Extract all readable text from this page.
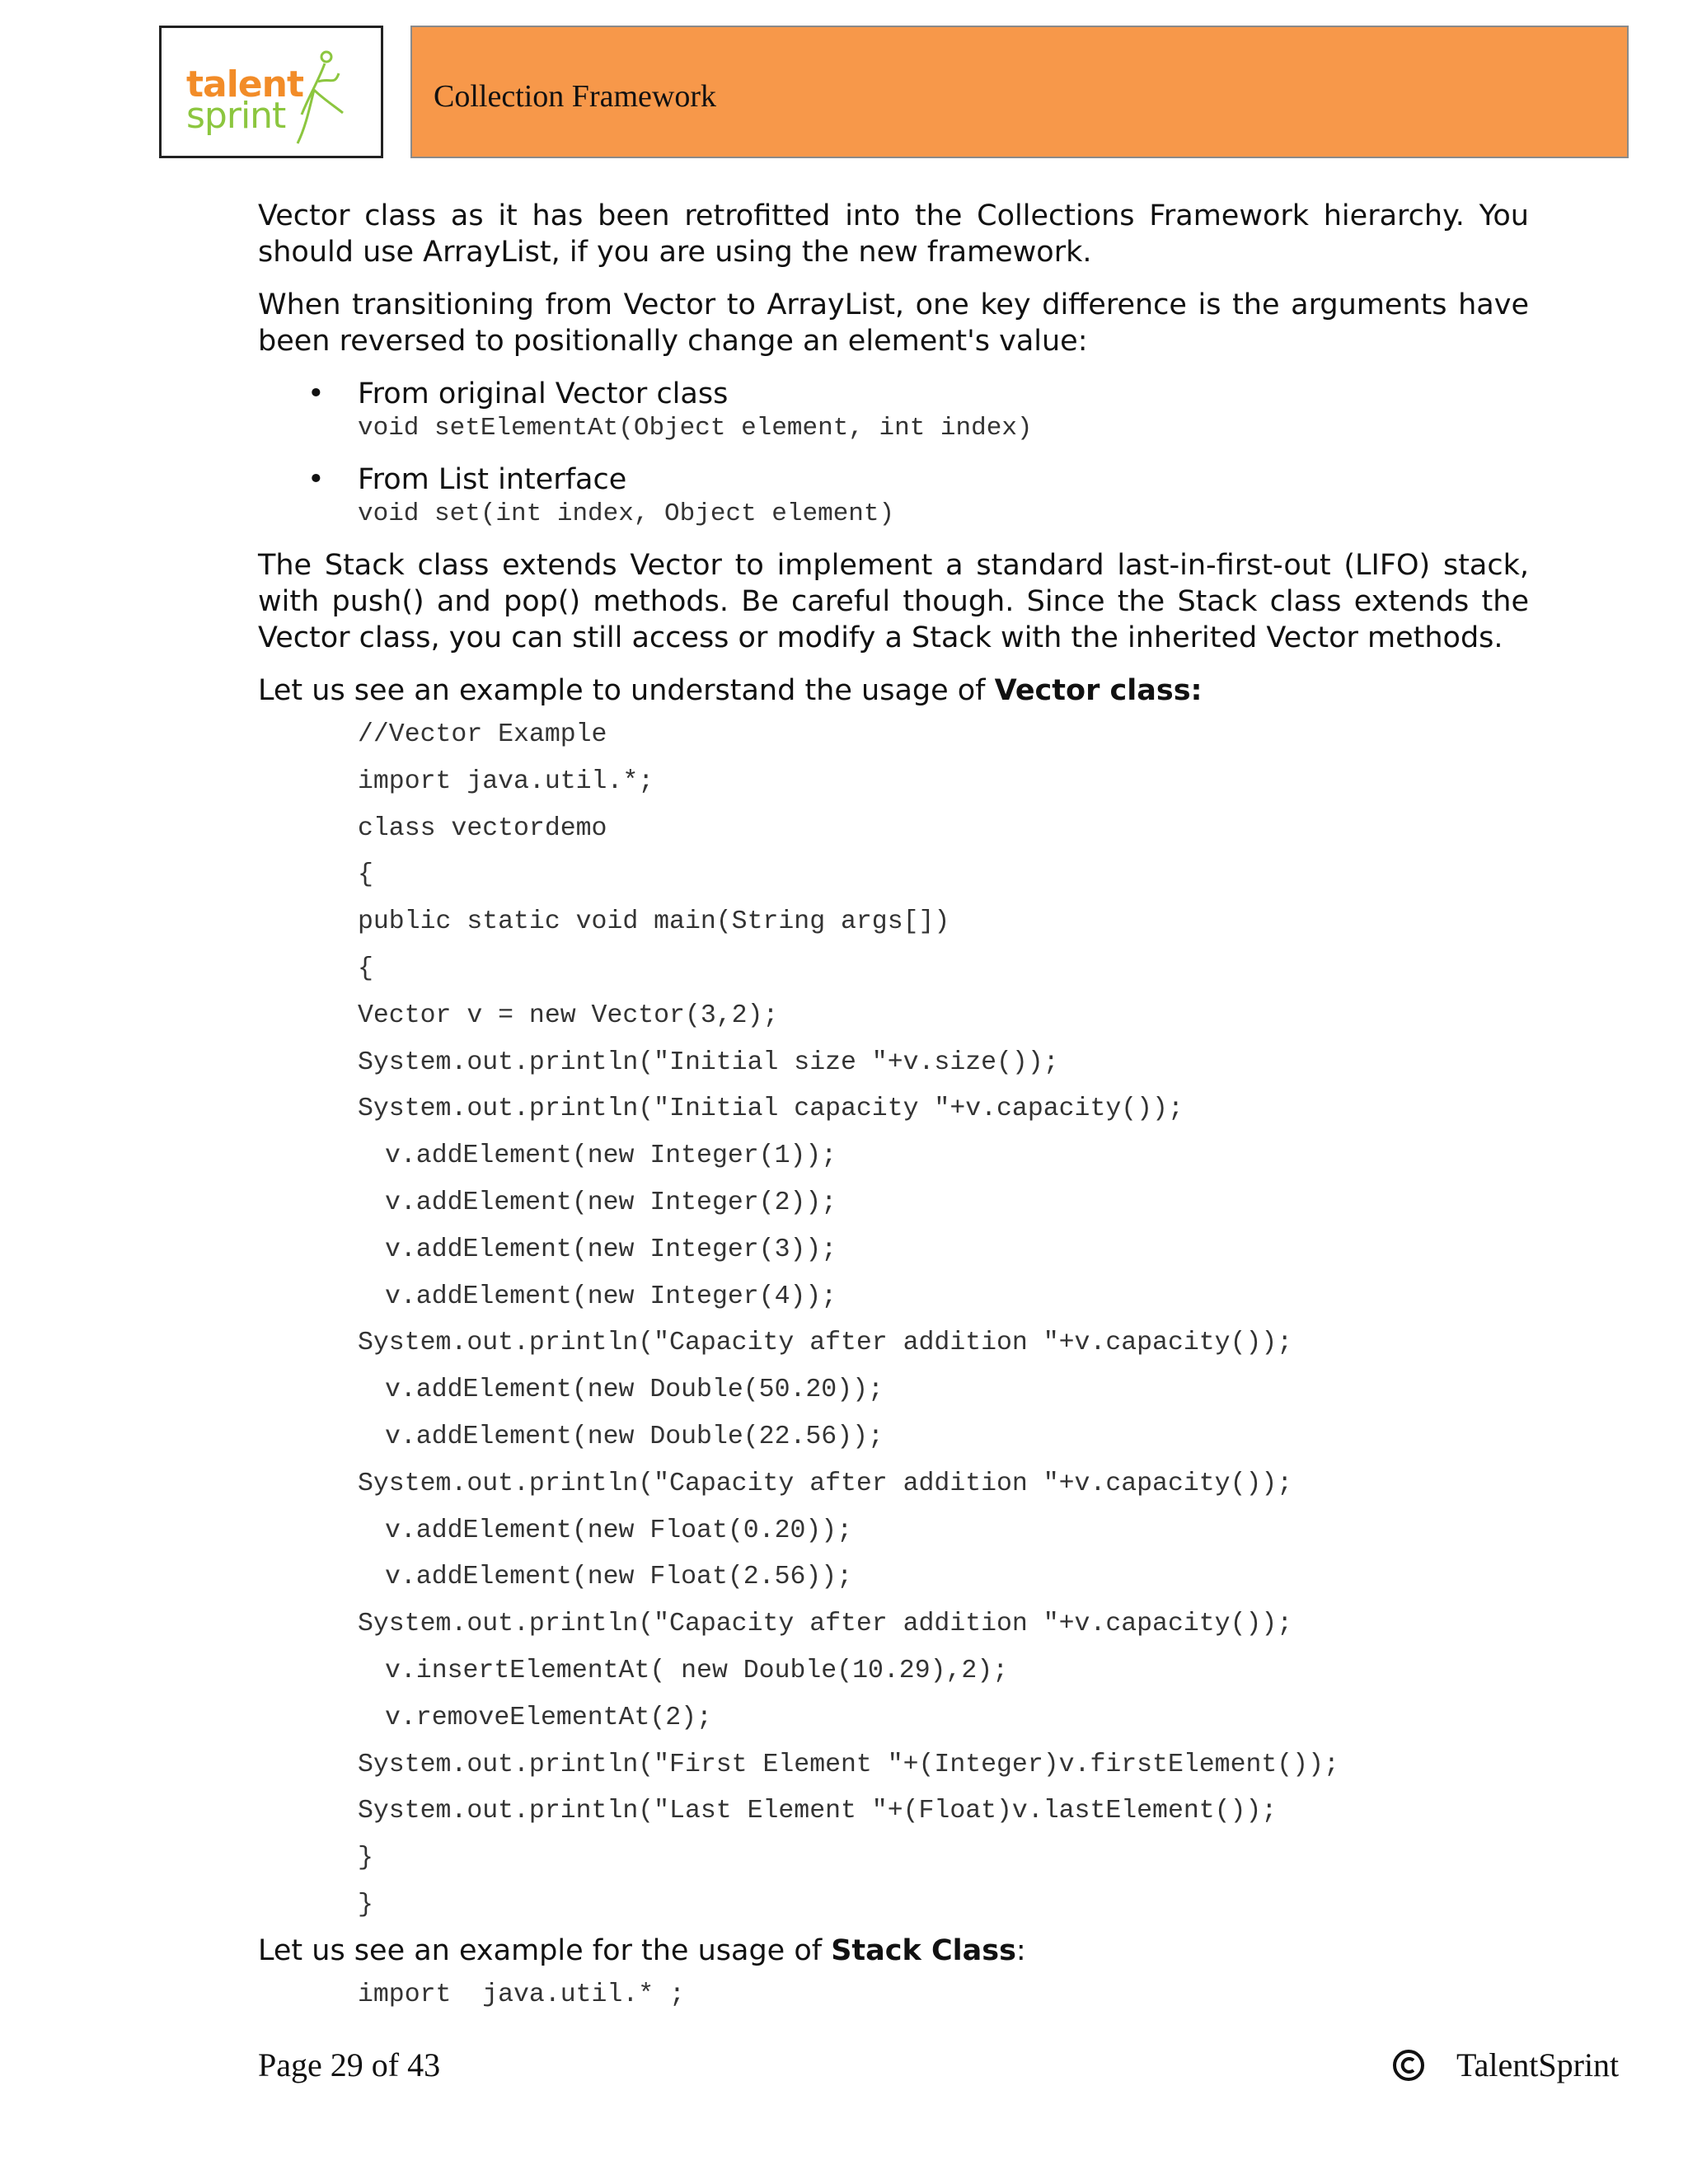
talent
sprint	Collection Framework

Vector class as it has been retrofitted into the Collections Framework hierarchy. You should use ArrayList, if you are using the new framework.

When transitioning from Vector to ArrayList, one key difference is the arguments have been reversed to positionally change an element's value:

• From original Vector class
void setElementAt(Object element, int index)
• From List interface
void set(int index, Object element)

The Stack class extends Vector to implement a standard last-in-first-out (LIFO) stack, with push() and pop() methods. Be careful though. Since the Stack class extends the Vector class, you can still access or modify a Stack with the inherited Vector methods.

Let us see an example to understand the usage of Vector class:

//Vector Example
import java.util.*;
class vectordemo
{
public static void main(String args[])
{
Vector v = new Vector(3,2);
System.out.println("Initial size "+v.size());
System.out.println("Initial capacity "+v.capacity());
v.addElement(new Integer(1));
v.addElement(new Integer(2));
v.addElement(new Integer(3));
v.addElement(new Integer(4));
System.out.println("Capacity after addition "+v.capacity());
v.addElement(new Double(50.20));
v.addElement(new Double(22.56));
System.out.println("Capacity after addition "+v.capacity());
v.addElement(new Float(0.20));
v.addElement(new Float(2.56));
System.out.println("Capacity after addition "+v.capacity());
v.insertElementAt( new Double(10.29),2);
v.removeElementAt(2);
System.out.println("First Element "+(Integer)v.firstElement());
System.out.println("Last Element "+(Float)v.lastElement());
}
}

Let us see an example for the usage of Stack Class:

import  java.util.* ;
Page 29 of 43	TalentSprint
